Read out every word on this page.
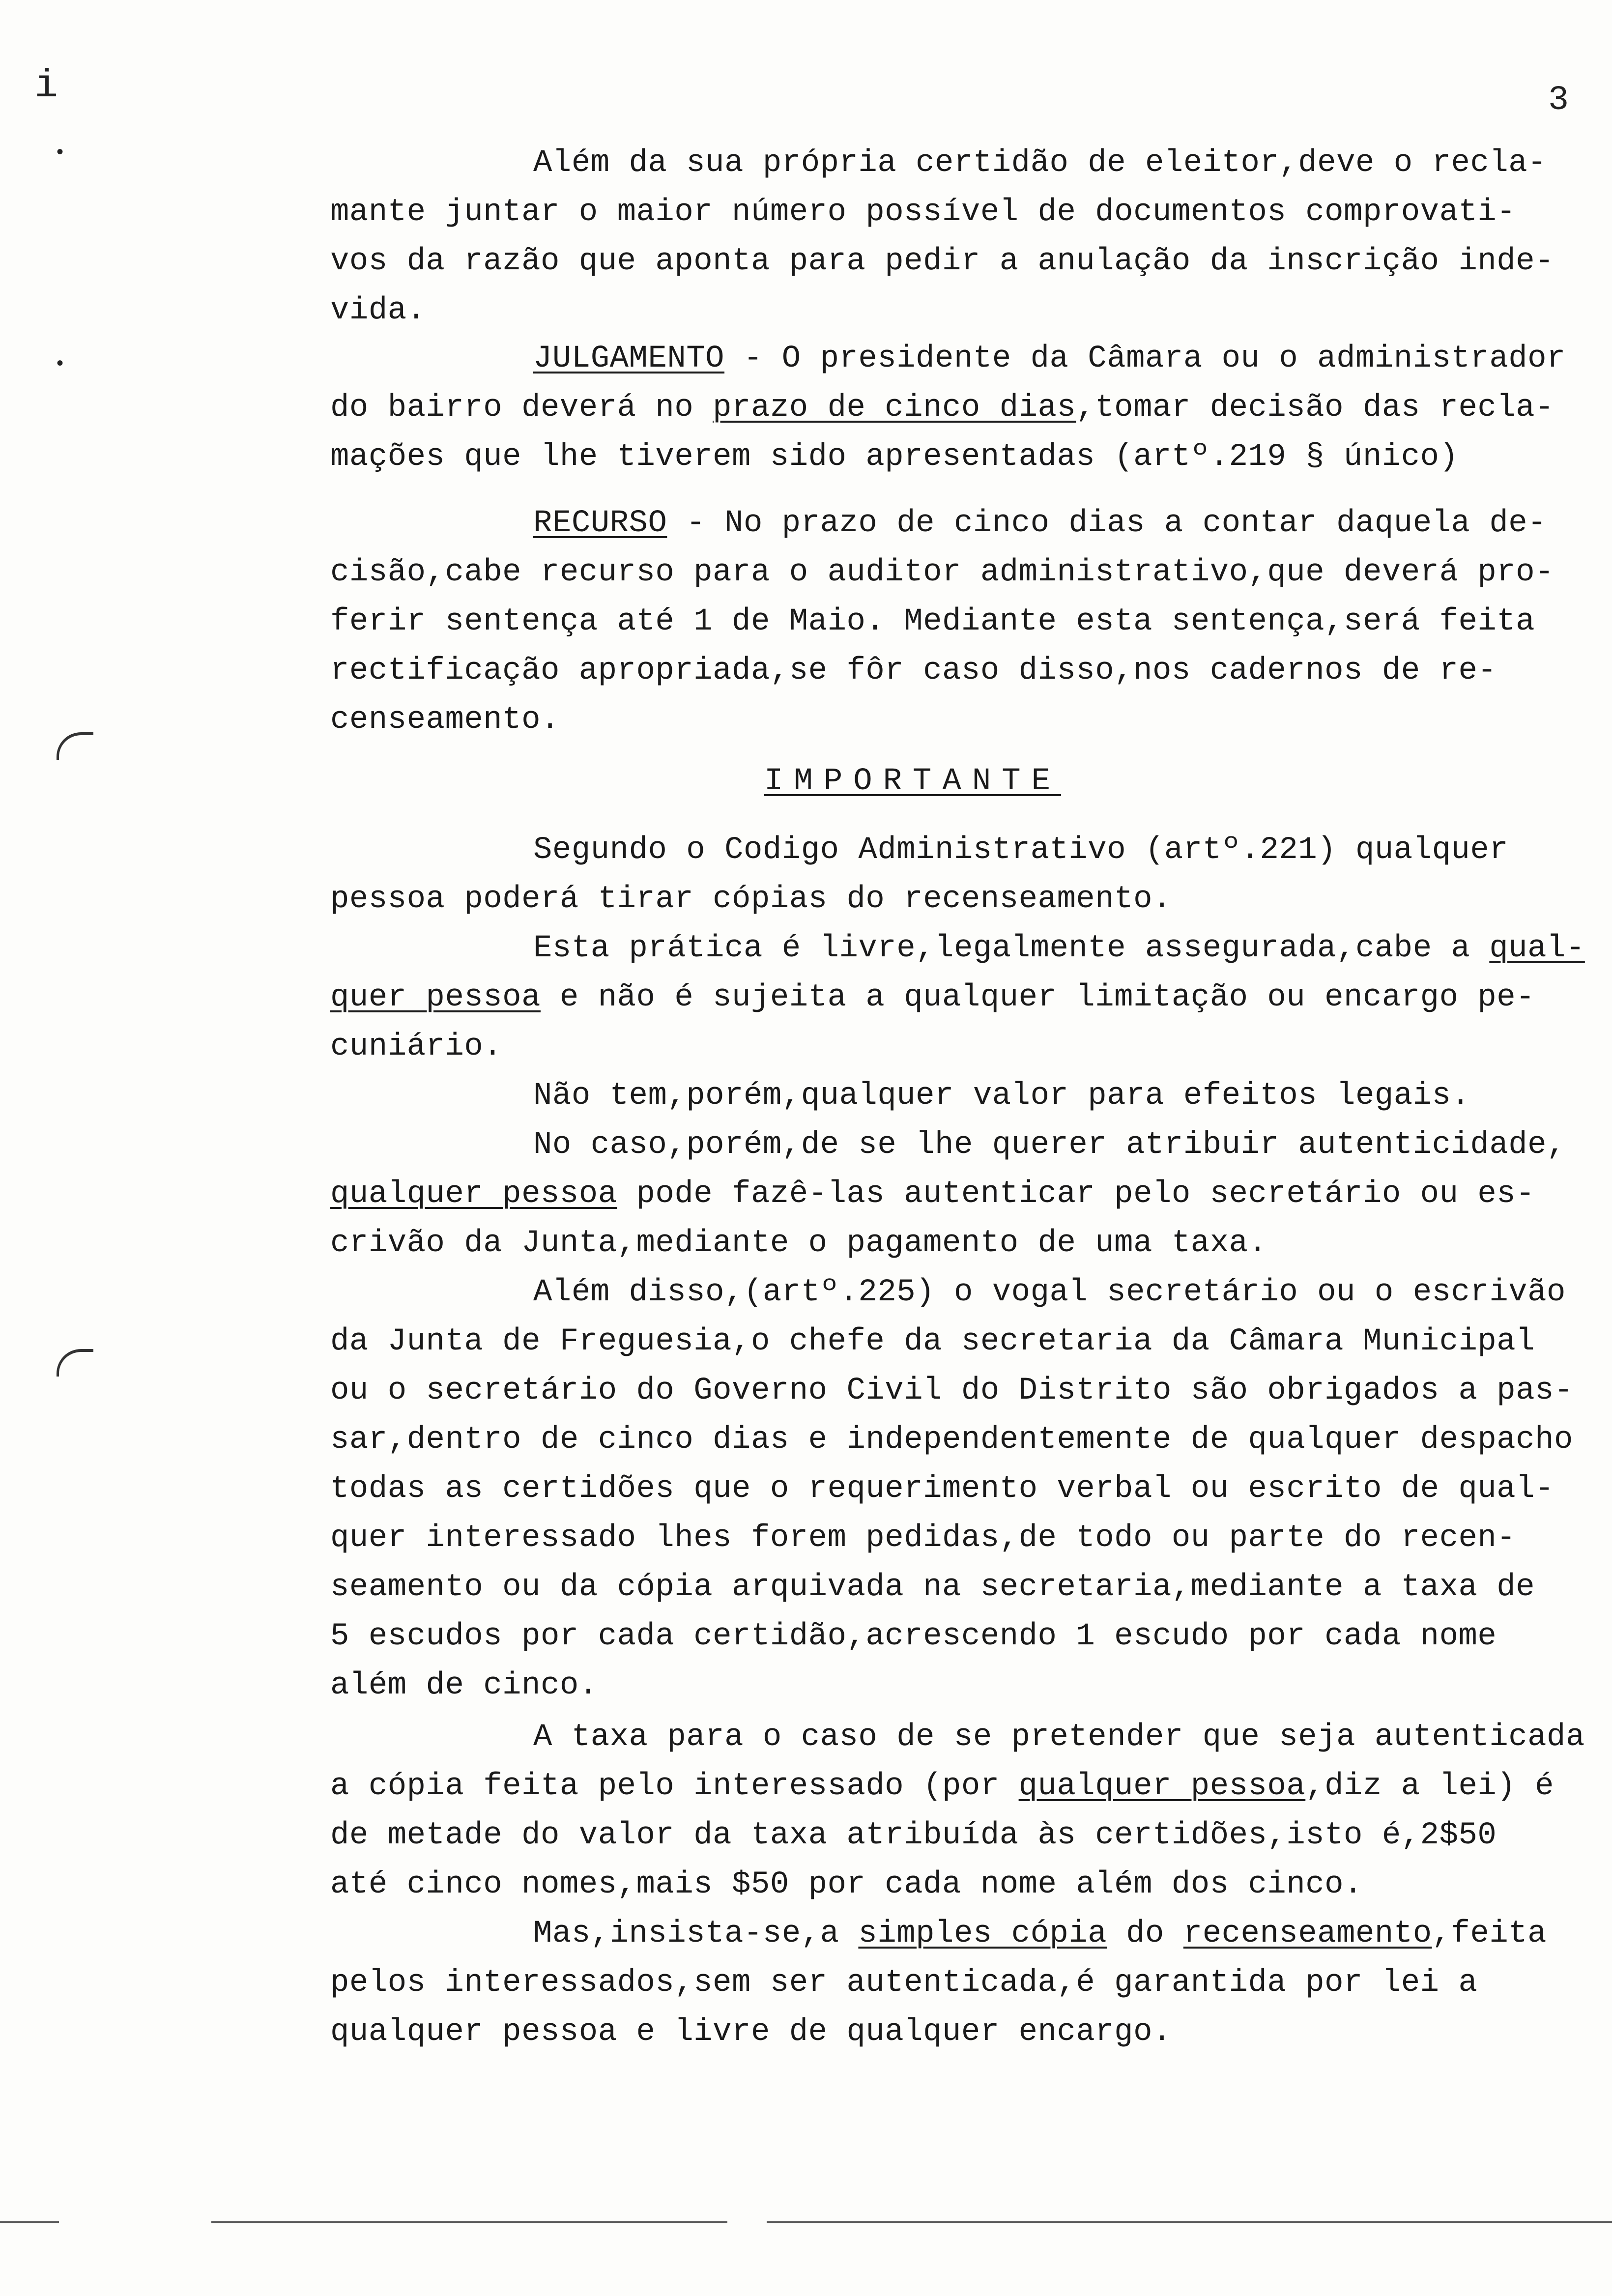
i
•
•
3
Além da sua própria certidão de eleitor,deve o recla-
mante juntar o maior número possível de documentos comprovati-
vos da razão que aponta para pedir a anulação da inscrição inde-
vida.
JULGAMENTO - O presidente da Câmara ou o administrador
do bairro deverá no prazo de cinco dias,tomar decisão das recla-
mações que lhe tiverem sido apresentadas (artº.219 § único)
RECURSO - No prazo de cinco dias a contar daquela de-
cisão,cabe recurso para o auditor administrativo,que deverá pro-
ferir sentença até 1 de Maio. Mediante esta sentença,será feita
rectificação apropriada,se fôr caso disso,nos cadernos de re-
censeamento.
IMPORTANTE
Segundo o Codigo Administrativo (artº.221) qualquer
pessoa poderá tirar cópias do recenseamento.
Esta prática é livre,legalmente assegurada,cabe a qual-
quer pessoa e não é sujeita a qualquer limitação ou encargo pe-
cuniário.
Não tem,porém,qualquer valor para efeitos legais.
No caso,porém,de se lhe querer atribuir autenticidade,
qualquer pessoa pode fazê-las autenticar pelo secretário ou es-
crivão da Junta,mediante o pagamento de uma taxa.
Além disso,(artº.225) o vogal secretário ou o escrivão
da Junta de Freguesia,o chefe da secretaria da Câmara Municipal
ou o secretário do Governo Civil do Distrito são obrigados a pas-
sar,dentro de cinco dias e independentemente de qualquer despacho
todas as certidões que o requerimento verbal ou escrito de qual-
quer interessado lhes forem pedidas,de todo ou parte do recen-
seamento ou da cópia arquivada na secretaria,mediante a taxa de
5 escudos por cada certidão,acrescendo 1 escudo por cada nome
além de cinco.
A taxa para o caso de se pretender que seja autenticada
a cópia feita pelo interessado (por qualquer pessoa,diz a lei) é
de metade do valor da taxa atribuída às certidões,isto é,2$50
até cinco nomes,mais $50 por cada nome além dos cinco.
Mas,insista-se,a simples cópia do recenseamento,feita
pelos interessados,sem ser autenticada,é garantida por lei a
qualquer pessoa e livre de qualquer encargo.
